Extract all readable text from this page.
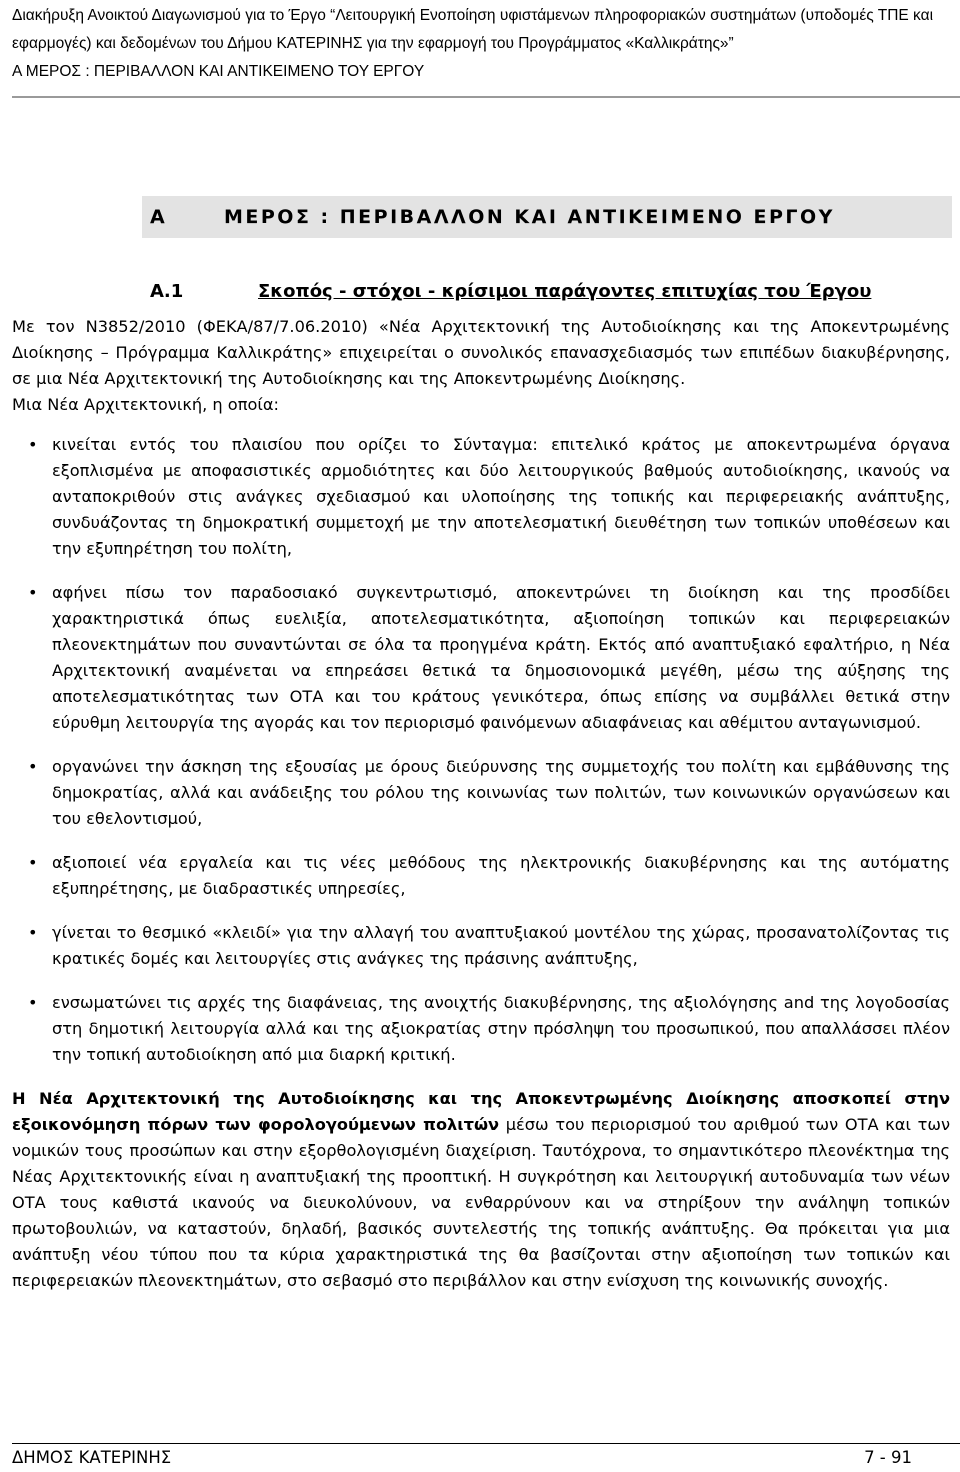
Διακήρυξη Ανοικτού Διαγωνισμού για το Έργο “Λειτουργική Ενοποίηση υφιστάμενων πληροφοριακών συστημάτων (υποδομές ΤΠΕ και
εφαρμογές) και δεδομένων του Δήμου ΚΑΤΕΡΙΝΗΣ για την εφαρμογή του Προγράμματος «Καλλικράτης»”
Α ΜΕΡΟΣ : ΠΕΡΙΒΑΛΛΟΝ ΚΑΙ ΑΝΤΙΚΕΙΜΕΝΟ ΤΟΥ ΕΡΓΟΥ
Α	ΜΕΡΟΣ : ΠΕΡΙΒΑΛΛΟΝ ΚΑΙ ΑΝΤΙΚΕΙΜΕΝΟ ΕΡΓΟΥ
Α.1	Σκοπός - στόχοι - κρίσιμοι παράγοντες επιτυχίας του Έργου

Με τον Ν3852/2010 (ΦΕΚΑ/87/7.06.2010) «Νέα Αρχιτεκτονική της Αυτοδιοίκησης και της Αποκεντρωμένης Διοίκησης – Πρόγραμμα Καλλικράτης» επιχειρείται ο συνολικός επανασχεδιασμός των επιπέδων διακυβέρνησης, σε μια Νέα Αρχιτεκτονική της Αυτοδιοίκησης και της Αποκεντρωμένης Διοίκησης.

Μια Νέα Αρχιτεκτονική, η οποία:

• κινείται εντός του πλαισίου που ορίζει το Σύνταγμα: επιτελικό κράτος με αποκεντρωμένα όργανα εξοπλισμένα με αποφασιστικές αρμοδιότητες και δύο λειτουργικούς βαθμούς αυτοδιοίκησης, ικανούς να ανταποκριθούν στις ανάγκες σχεδιασμού και υλοποίησης της τοπικής και περιφερειακής ανάπτυξης, συνδυάζοντας τη δημοκρατική συμμετοχή με την αποτελεσματική διευθέτηση των τοπικών υποθέσεων και την εξυπηρέτηση του πολίτη,
• αφήνει πίσω τον παραδοσιακό συγκεντρωτισμό, αποκεντρώνει τη διοίκηση και της προσδίδει χαρακτηριστικά όπως ευελιξία, αποτελεσματικότητα, αξιοποίηση τοπικών και περιφερειακών πλεονεκτημάτων που συναντώνται σε όλα τα προηγμένα κράτη. Εκτός από αναπτυξιακό εφαλτήριο, η Νέα Αρχιτεκτονική αναμένεται να επηρεάσει θετικά τα δημοσιονομικά μεγέθη, μέσω της αύξησης της αποτελεσματικότητας των ΟΤΑ και του κράτους γενικότερα, όπως επίσης να συμβάλλει θετικά στην εύρυθμη λειτουργία της αγοράς και τον περιορισμό φαινόμενων αδιαφάνειας και αθέμιτου ανταγωνισμού.
• οργανώνει την άσκηση της εξουσίας με όρους διεύρυνσης της συμμετοχής του πολίτη και εμβάθυνσης της δημοκρατίας, αλλά και ανάδειξης του ρόλου της κοινωνίας των πολιτών, των κοινωνικών οργανώσεων και του εθελοντισμού,
• αξιοποιεί νέα εργαλεία και τις νέες μεθόδους της ηλεκτρονικής διακυβέρνησης και της αυτόματης εξυπηρέτησης, με διαδραστικές υπηρεσίες,
• γίνεται το θεσμικό «κλειδί» για την αλλαγή του αναπτυξιακού μοντέλου της χώρας, προσανατολίζοντας τις κρατικές δομές και λειτουργίες στις ανάγκες της πράσινης ανάπτυξης,
• ενσωματώνει τις αρχές της διαφάνειας, της ανοιχτής διακυβέρνησης, της αξιολόγησης and της λογοδοσίας στη δημοτική λειτουργία αλλά και της αξιοκρατίας στην πρόσληψη του προσωπικού, που απαλλάσσει πλέον την τοπική αυτοδιοίκηση από μια διαρκή κριτική.

Η Νέα Αρχιτεκτονική της Αυτοδιοίκησης και της Αποκεντρωμένης Διοίκησης αποσκοπεί στην εξοικονόμηση πόρων των φορολογούμενων πολιτών μέσω του περιορισμού του αριθμού των ΟΤΑ και των νομικών τους προσώπων και στην εξορθολογισμένη διαχείριση. Ταυτόχρονα, το σημαντικότερο πλεονέκτημα της Νέας Αρχιτεκτονικής είναι η αναπτυξιακή της προοπτική. Η συγκρότηση και λειτουργική αυτοδυναμία των νέων ΟΤΑ τους καθιστά ικανούς να διευκολύνουν, να ενθαρρύνουν και να στηρίξουν την ανάληψη τοπικών πρωτοβουλιών, να καταστούν, δηλαδή, βασικός συντελεστής της τοπικής ανάπτυξης. Θα πρόκειται για μια ανάπτυξη νέου τύπου που τα κύρια χαρακτηριστικά της θα βασίζονται στην αξιοποίηση των τοπικών και περιφερειακών πλεονεκτημάτων, στο σεβασμό στο περιβάλλον και στην ενίσχυση της κοινωνικής συνοχής.

ΔΗΜΟΣ ΚΑΤΕΡΙΝΗΣ	7 - 91
